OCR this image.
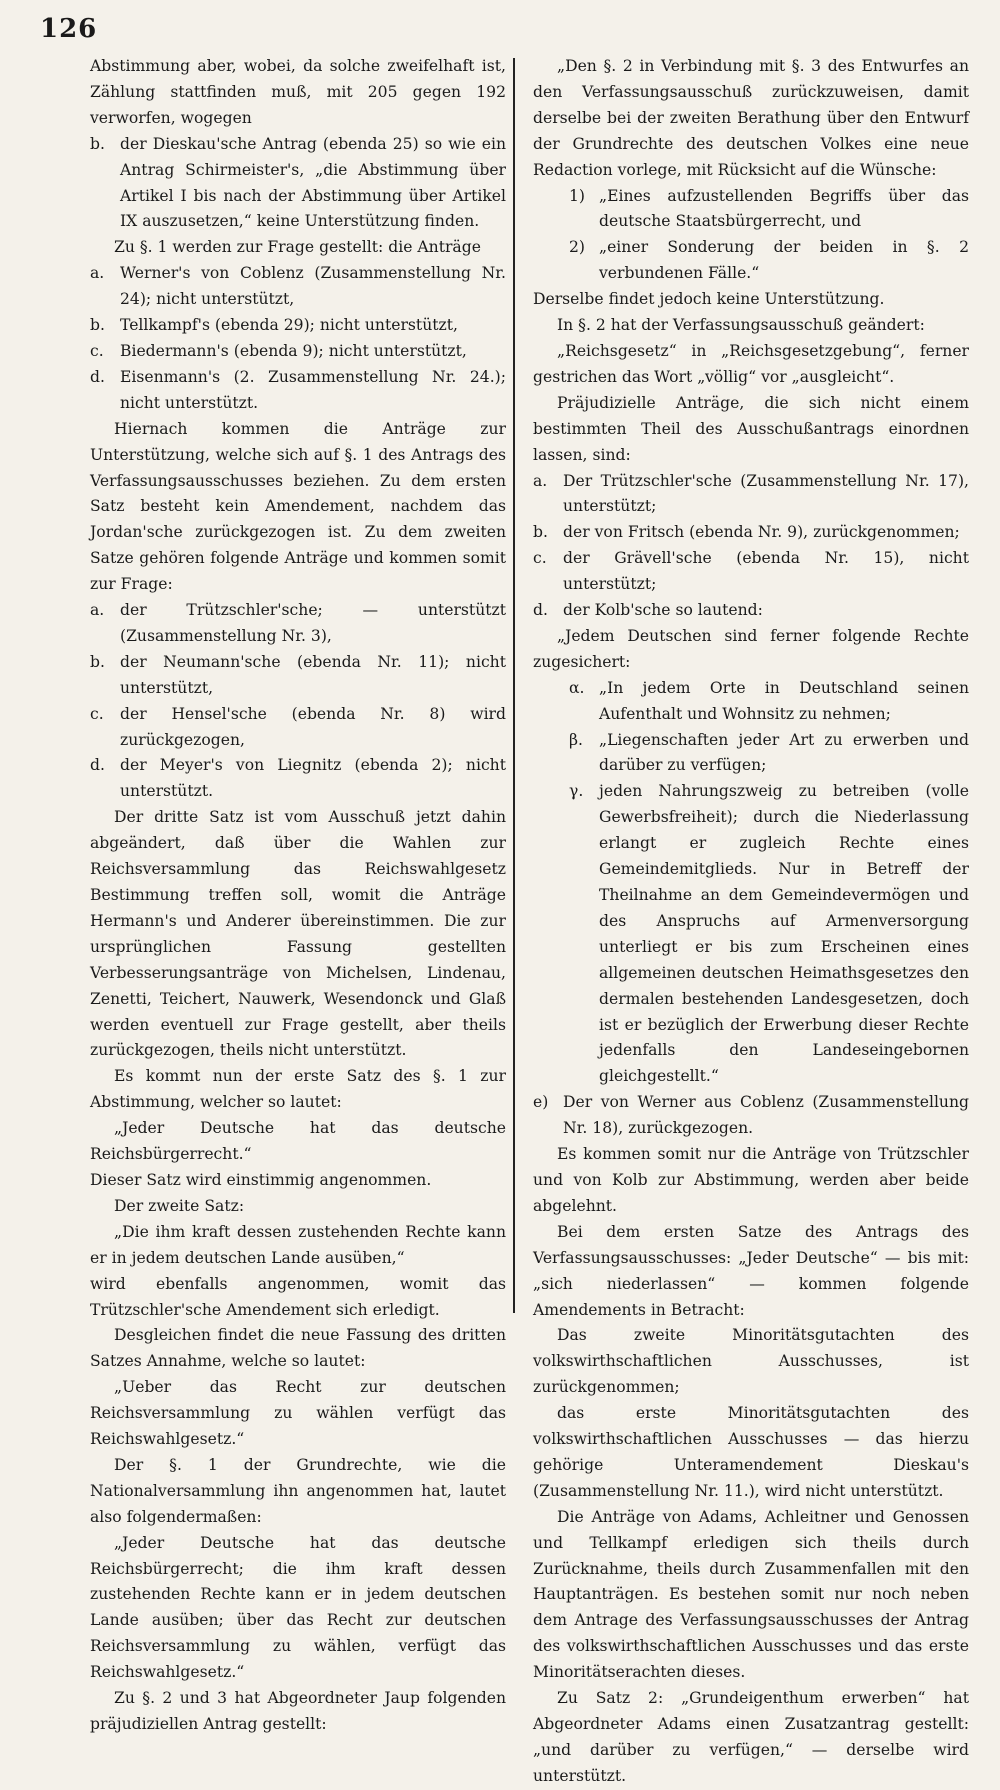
126

Abstimmung aber, wobei, da solche zweifelhaft ist, Zählung stattfinden muß, mit 205 gegen 192 verworfen, wogegen

b. der Dieskau'sche Antrag (ebenda 25) so wie ein Antrag Schirmeister's, „die Abstimmung über Artikel I bis nach der Abstimmung über Artikel IX auszusetzen,“ keine Unterstützung finden.

Zu §. 1 werden zur Frage gestellt: die Anträge

a.	Werner's von Coblenz (Zusammenstellung Nr. 24); nicht unterstützt,
b. Tellkampf's (ebenda 29); nicht unterstützt,
c.	Biedermann's (ebenda 9); nicht unterstützt,
d. Eisenmann's (2. Zusammenstellung Nr. 24.); nicht unterstützt.

Hiernach kommen die Anträge zur Unterstützung, welche sich auf §. 1 des Antrags des Verfassungsausschusses beziehen. Zu dem ersten Satz besteht kein Amendement, nachdem das Jordan'sche zurückgezogen ist. Zu dem zweiten Satze gehören folgende Anträge und kommen somit zur Frage:

a.	der Trützschler'sche; — unterstützt (Zusammenstellung Nr. 3),
b. der Neumann'sche (ebenda Nr. 11); nicht unterstützt,
c.	der Hensel'sche (ebenda Nr. 8) wird zurückgezogen,
d. der Meyer's von Liegnitz (ebenda 2); nicht unterstützt.

Der dritte Satz ist vom Ausschuß jetzt dahin abgeändert, daß über die Wahlen zur Reichsversammlung das Reichswahlgesetz Bestimmung treffen soll, womit die Anträge Hermann's und Anderer übereinstimmen. Die zur ursprünglichen Fassung gestellten Verbesserungsanträge von Michelsen, Lindenau, Zenetti, Teichert, Nauwerk, Wesendonck und Glaß werden eventuell zur Frage gestellt, aber theils zurückgezogen, theils nicht unterstützt.

Es kommt nun der erste Satz des §. 1 zur Abstimmung, welcher so lautet:

„Jeder Deutsche hat das deutsche Reichsbürgerrecht.“

Dieser Satz wird einstimmig angenommen.

Der zweite Satz:

„Die ihm kraft dessen zustehenden Rechte kann er in jedem deutschen Lande ausüben,“

wird ebenfalls angenommen, womit das Trützschler'sche Amendement sich erledigt.

Desgleichen findet die neue Fassung des dritten Satzes Annahme, welche so lautet:

„Ueber das Recht zur deutschen Reichsversammlung zu wählen verfügt das Reichswahlgesetz.“

Der §. 1 der Grundrechte, wie die Nationalversammlung ihn angenommen hat, lautet also folgendermaßen:

„Jeder Deutsche hat das deutsche Reichsbürgerrecht; die ihm kraft dessen zustehenden Rechte kann er in jedem deutschen Lande ausüben; über das Recht zur deutschen Reichsversammlung zu wählen, verfügt das Reichswahlgesetz.“

Zu §. 2 und 3 hat Abgeordneter Jaup folgenden präjudiziellen Antrag gestellt:

„Den §. 2 in Verbindung mit §. 3 des Entwurfes an den Verfassungsausschuß zurückzuweisen, damit derselbe bei der zweiten Berathung über den Entwurf der Grundrechte des deutschen Volkes eine neue Redaction vorlege, mit Rücksicht auf die Wünsche:

1) „Eines aufzustellenden Begriffs über das deutsche Staatsbürgerrecht, und
2) „einer Sonderung der beiden in §. 2 verbundenen Fälle.“

Derselbe findet jedoch keine Unterstützung.

In §. 2 hat der Verfassungsausschuß geändert:

„Reichsgesetz“ in „Reichsgesetzgebung“, ferner gestrichen das Wort „völlig“ vor „ausgleicht“.

Präjudizielle Anträge, die sich nicht einem bestimmten Theil des Ausschußantrags einordnen lassen, sind:

a.	Der Trützschler'sche (Zusammenstellung Nr. 17), unterstützt;
b. der von Fritsch (ebenda Nr. 9), zurückgenommen;
c.	der Grävell'sche (ebenda Nr. 15), nicht unterstützt;
d. der Kolb'sche so lautend:

„Jedem Deutschen sind ferner folgende Rechte zugesichert:

α. „In jedem Orte in Deutschland seinen Aufenthalt und Wohnsitz zu nehmen;
β.	„Liegenschaften jeder Art zu erwerben und darüber zu verfügen;
γ.	jeden Nahrungszweig zu betreiben (volle Gewerbsfreiheit); durch die Niederlassung erlangt er zugleich Rechte eines Gemeindemitglieds. Nur in Betreff der Theilnahme an dem Gemeindevermögen und des Anspruchs auf Armenversorgung unterliegt er bis zum Erscheinen eines allgemeinen deutschen Heimathsgesetzes den dermalen bestehenden Landesgesetzen, doch ist er bezüglich der Erwerbung dieser Rechte jedenfalls den Landeseingebornen gleichgestellt.“
e) Der von Werner aus Coblenz (Zusammenstellung Nr. 18), zurückgezogen.

Es kommen somit nur die Anträge von Trützschler und von Kolb zur Abstimmung, werden aber beide abgelehnt.

Bei dem ersten Satze des Antrags des Verfassungsausschusses: „Jeder Deutsche“ — bis mit: „sich niederlassen“ — kommen folgende Amendements in Betracht:

Das zweite Minoritätsgutachten des volkswirthschaftlichen Ausschusses, ist zurückgenommen;

das erste Minoritätsgutachten des volkswirthschaftlichen Ausschusses — das hierzu gehörige Unteramendement Dieskau's (Zusammenstellung Nr. 11.), wird nicht unterstützt.

Die Anträge von Adams, Achleitner und Genossen und Tellkampf erledigen sich theils durch Zurücknahme, theils durch Zusammenfallen mit den Hauptanträgen. Es bestehen somit nur noch neben dem Antrage des Verfassungsausschusses der Antrag des volkswirthschaftlichen Ausschusses und das erste Minoritätserachten dieses.

Zu Satz 2: „Grundeigenthum erwerben“ hat Abgeordneter Adams einen Zusatzantrag gestellt: „und darüber zu verfügen,“ — derselbe wird unterstützt.
